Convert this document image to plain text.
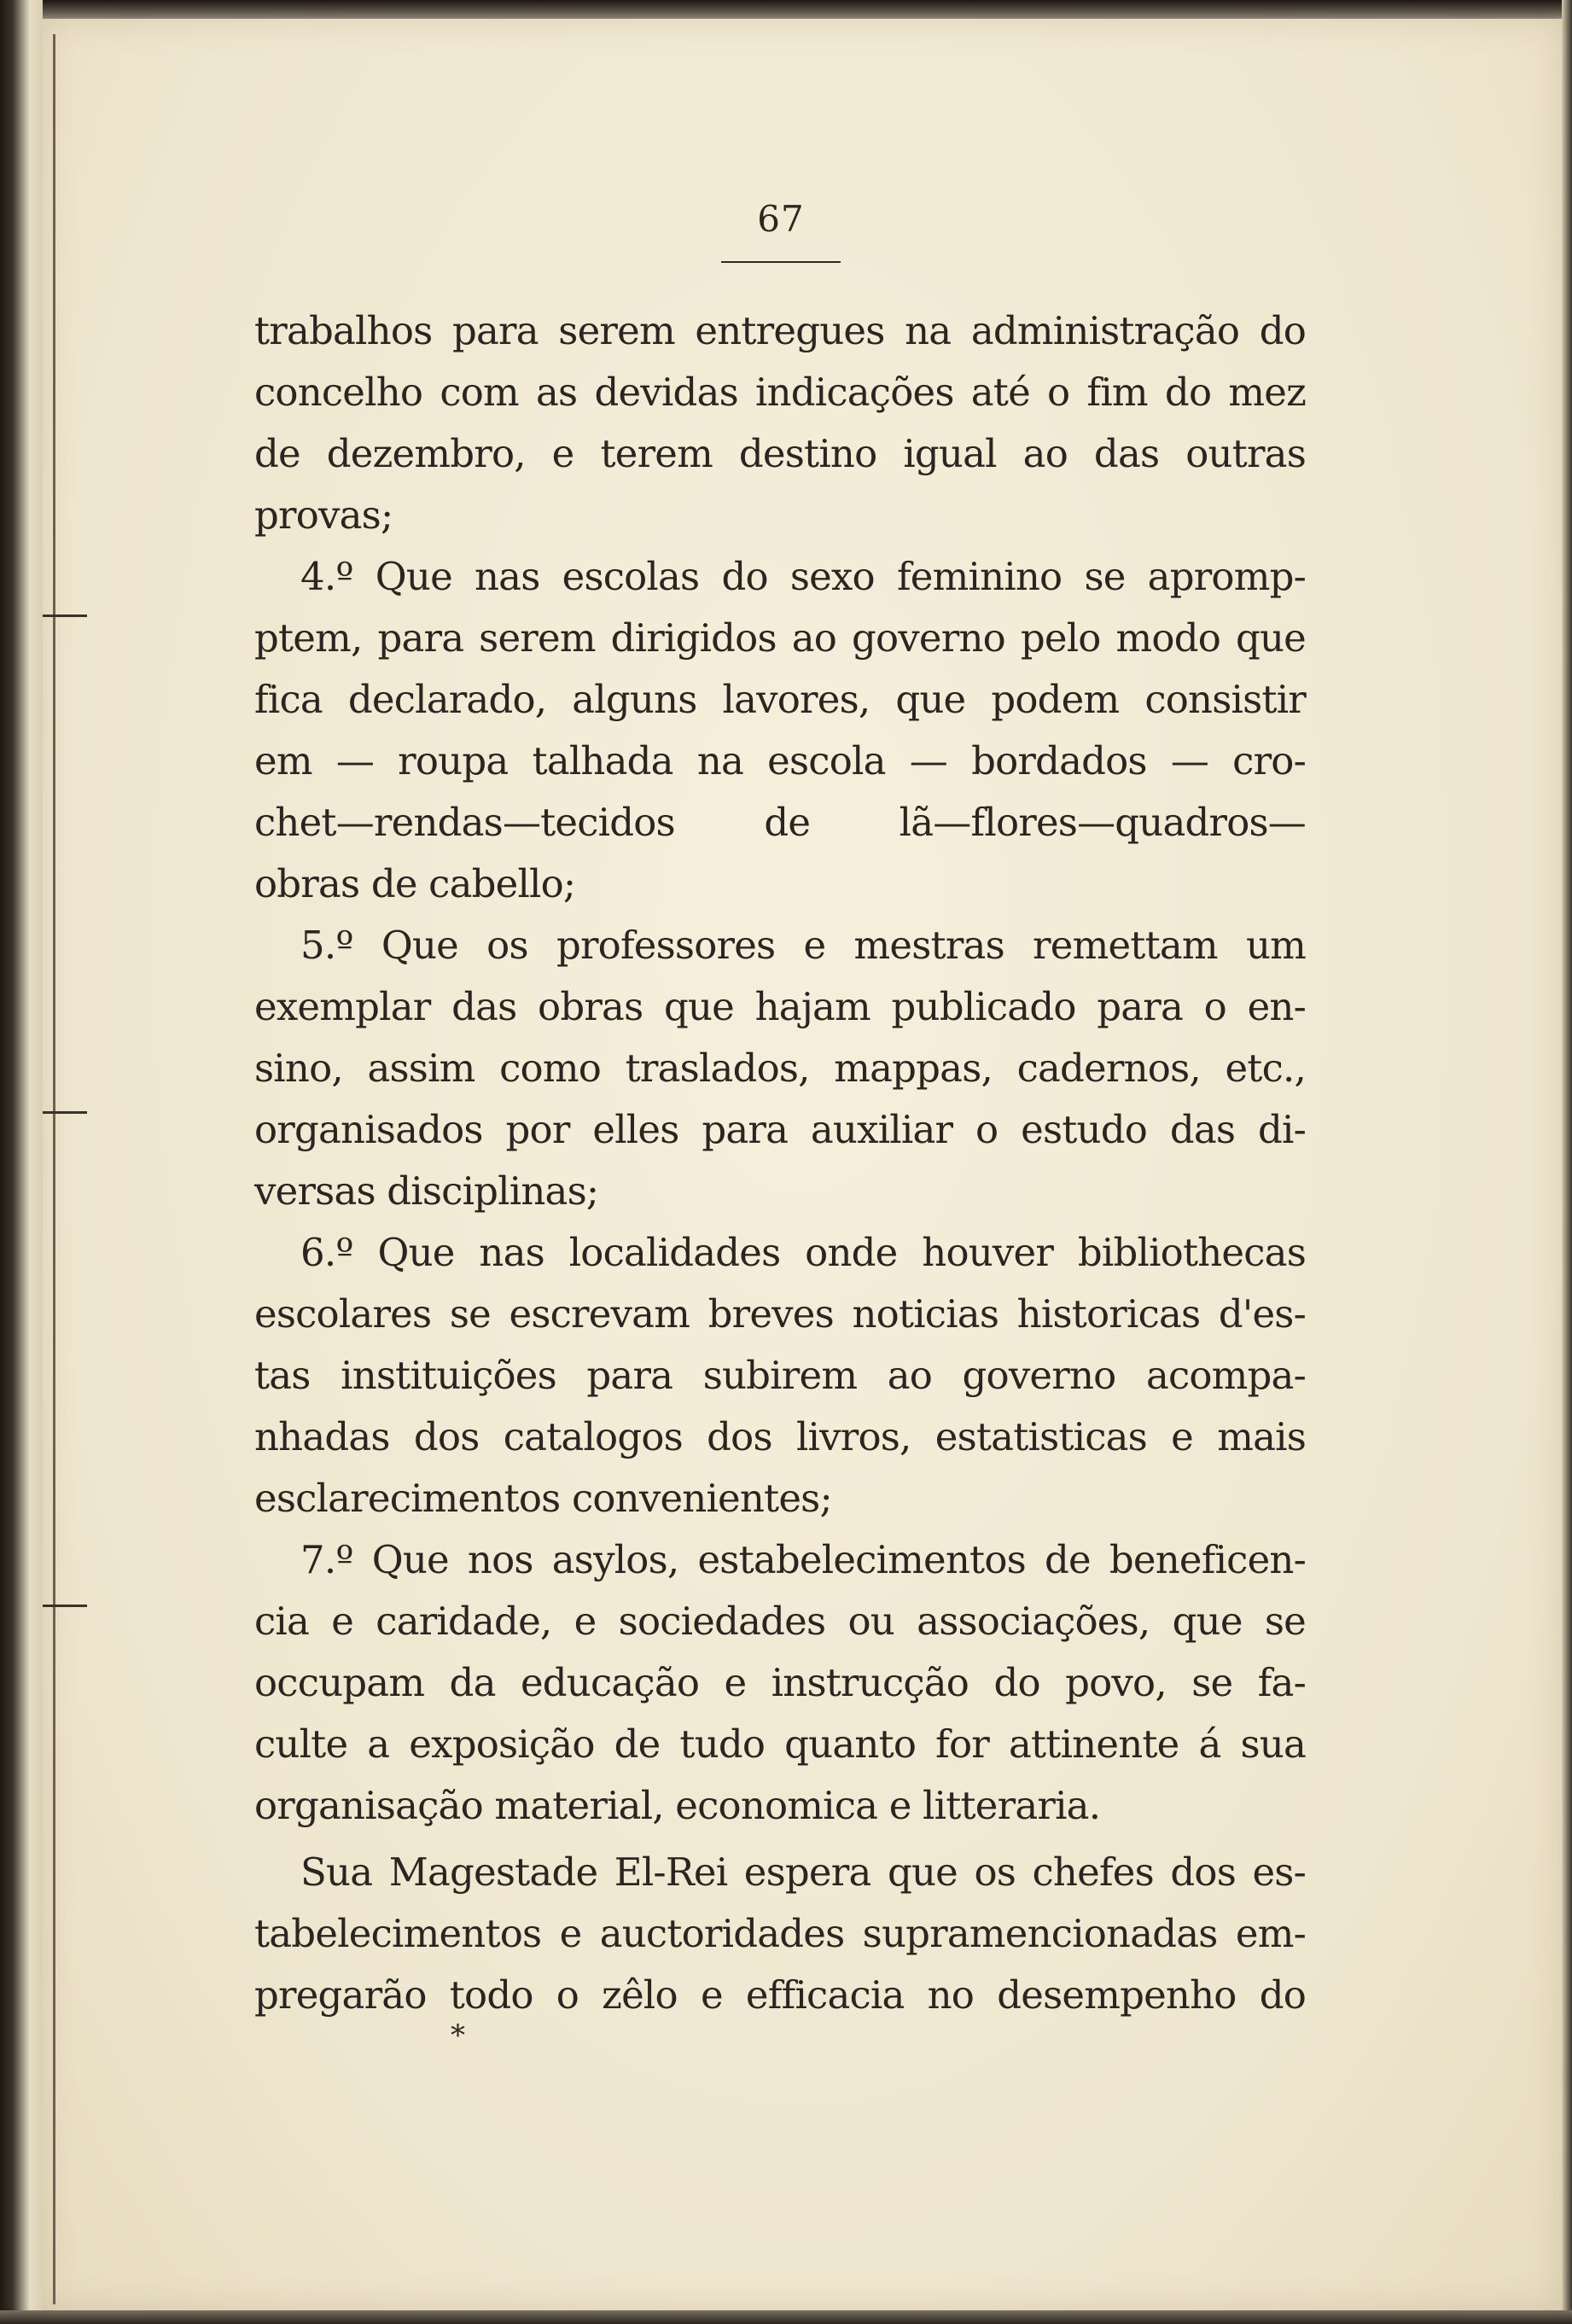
67
trabalhos para serem entregues na administração do
concelho com as devidas indicações até o fim do mez
de dezembro, e terem destino igual ao das outras
provas;
4.º Que nas escolas do sexo feminino se apromp-
ptem, para serem dirigidos ao governo pelo modo que
fica declarado, alguns lavores, que podem consistir
em — roupa talhada na escola — bordados — cro-
chet—rendas—tecidos de lã—flores—quadros—
obras de cabello;
5.º Que os professores e mestras remettam um
exemplar das obras que hajam publicado para o en-
sino, assim como traslados, mappas, cadernos, etc.,
organisados por elles para auxiliar o estudo das di-
versas disciplinas;
6.º Que nas localidades onde houver bibliothecas
escolares se escrevam breves noticias historicas d'es-
tas instituições para subirem ao governo acompa-
nhadas dos catalogos dos livros, estatisticas e mais
esclarecimentos convenientes;
7.º Que nos asylos, estabelecimentos de beneficen-
cia e caridade, e sociedades ou associações, que se
occupam da educação e instrucção do povo, se fa-
culte a exposição de tudo quanto for attinente á sua
organisação material, economica e litteraria.
Sua Magestade El-Rei espera que os chefes dos es-
tabelecimentos e auctoridades supramencionadas em-
pregarão todo o zêlo e efficacia no desempenho do
*
